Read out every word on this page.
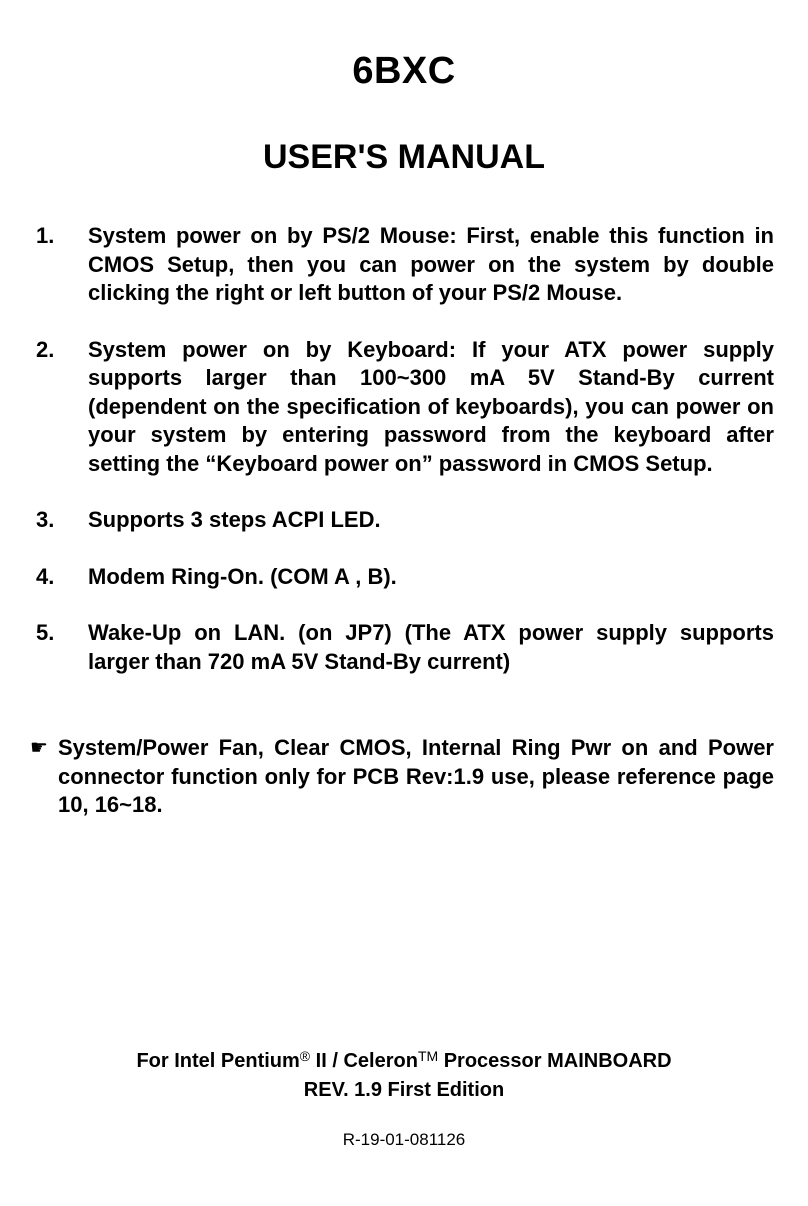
6BXC
USER'S MANUAL
1.	System power on by PS/2 Mouse: First, enable this function in CMOS Setup, then you can power on the system by double clicking the right or left button of your PS/2 Mouse.
2.	System power on by Keyboard: If your ATX power supply supports larger than 100~300 mA 5V Stand-By current (dependent on the specification of keyboards), you can power on your system by entering password from the keyboard after setting the “Keyboard power on” password in CMOS Setup.
3.	Supports 3 steps ACPI LED.
4.	Modem Ring-On. (COM A , B).
5.	Wake-Up on LAN. (on JP7) (The ATX power supply supports larger than 720 mA 5V Stand-By current)
☛ System/Power Fan, Clear CMOS, Internal Ring Pwr on and Power connector function only for PCB Rev:1.9 use, please reference page 10, 16~18.
For Intel Pentium® II / Celeron™ Processor MAINBOARD
REV. 1.9 First Edition
R-19-01-081126
